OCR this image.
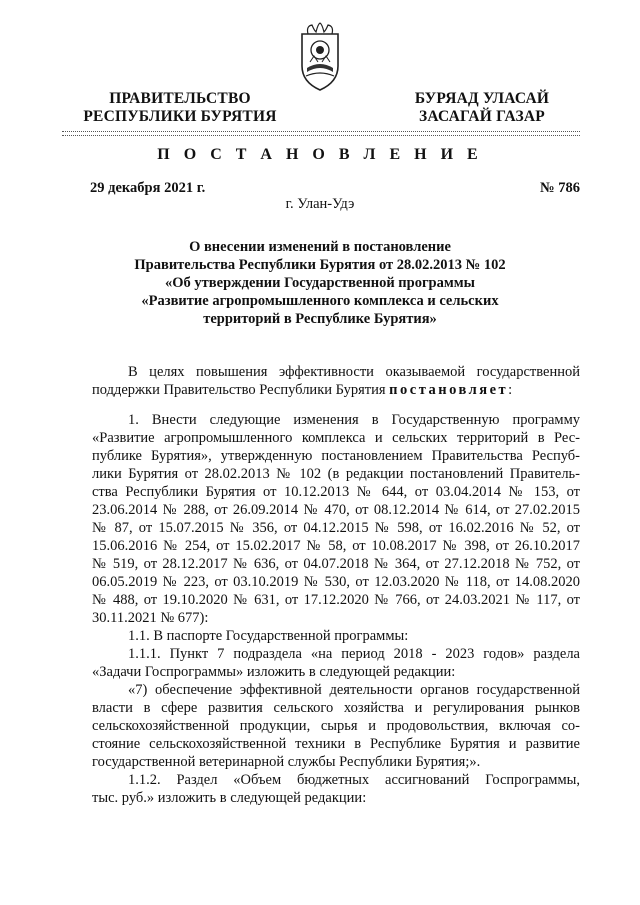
ПРАВИТЕЛЬСТВО
РЕСПУБЛИКИ БУРЯТИЯ
БУРЯАД УЛАСАЙ
ЗАСАГАЙ ГАЗАР
П О С Т А Н О В Л Е Н И Е
29 декабря 2021 г.	№ 786
г. Улан-Удэ
О внесении изменений в постановление
Правительства Республики Бурятия от 28.02.2013 № 102
«Об утверждении Государственной программы
«Развитие агропромышленного комплекса и сельских
территорий в Республике Бурятия»
В целях повышения эффективности оказываемой государственной
поддержки Правительство Республики Бурятия постановляет:
1. Внести следующие изменения в Государственную программу
«Развитие агропромышленного комплекса и сельских территорий в Рес-
публике Бурятия», утвержденную постановлением Правительства Респуб-
лики Бурятия от 28.02.2013 № 102 (в редакции постановлений Правитель-
ства Республики Бурятия от 10.12.2013 № 644, от 03.04.2014 № 153, от
23.06.2014 № 288, от 26.09.2014 № 470, от 08.12.2014 № 614, от 27.02.2015
№ 87, от 15.07.2015 № 356, от 04.12.2015 № 598, от 16.02.2016 № 52, от
15.06.2016 № 254, от 15.02.2017 № 58, от 10.08.2017 № 398, от 26.10.2017
№ 519, от 28.12.2017 № 636, от 04.07.2018 № 364, от 27.12.2018 № 752, от
06.05.2019 № 223, от 03.10.2019 № 530, от 12.03.2020 № 118, от 14.08.2020
№ 488, от 19.10.2020 № 631, от 17.12.2020 № 766, от 24.03.2021 № 117, от
30.11.2021 № 677):
1.1. В паспорте Государственной программы:
1.1.1. Пункт 7 подраздела «на период 2018 - 2023 годов» раздела
«Задачи Госпрограммы» изложить в следующей редакции:
«7) обеспечение эффективной деятельности органов государственной
власти в сфере развития сельского хозяйства и регулирования рынков
сельскохозяйственной продукции, сырья и продовольствия, включая со-
стояние сельскохозяйственной техники в Республике Бурятия и развитие
государственной ветеринарной службы Республики Бурятия;».
1.1.2. Раздел «Объем бюджетных ассигнований Госпрограммы,
тыс. руб.» изложить в следующей редакции:
